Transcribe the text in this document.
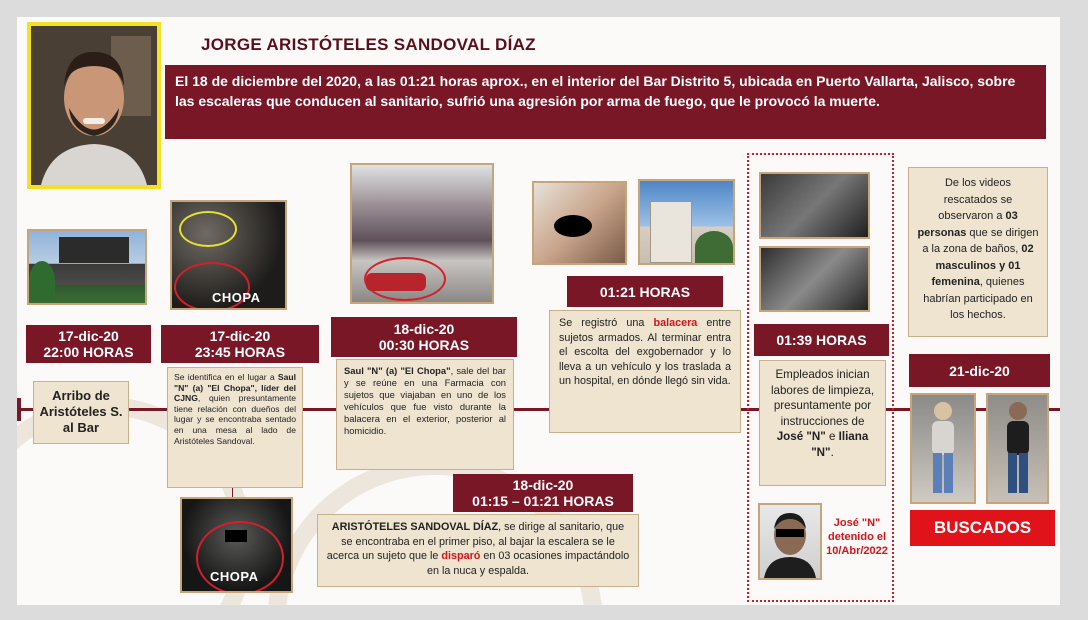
JORGE ARISTÓTELES SANDOVAL DÍAZ
El 18 de diciembre del 2020, a las 01:21 horas aprox., en el interior del Bar Distrito 5, ubicada en Puerto Vallarta, Jalisco, sobre las escaleras que conducen al sanitario, sufrió una agresión por arma de fuego, que le provocó la muerte.
17-dic-20
22:00 HORAS
Arribo de Aristóteles S. al Bar
CHOPA
17-dic-20
23:45 HORAS
Se identifica en el lugar a Saul "N" (a) "El Chopa", líder del CJNG, quien presuntamente tiene relación con dueños del lugar y se encontraba sentado en una mesa al lado de Aristóteles Sandoval.
CHOPA
18-dic-20
00:30 HORAS
Saul "N" (a) "El Chopa", sale del bar y se reúne en una Farmacia con sujetos que viajaban en uno de los vehículos que fue visto durante la balacera en el exterior, posterior al homicidio.
18-dic-20
01:15 – 01:21 HORAS
ARISTÓTELES SANDOVAL DÍAZ, se dirige al sanitario, que se encontraba en el primer piso, al bajar la escalera se le acerca un sujeto que le disparó en 03 ocasiones impactándolo en la nuca y espalda.
01:21 HORAS
Se registró una balacera entre sujetos armados. Al terminar entra el escolta del exgobernador y lo lleva a un vehículo y los traslada a un hospital, en dónde llegó sin vida.
01:39 HORAS
Empleados inician labores de limpieza, presuntamente por instrucciones de José "N" e Iliana "N".
José "N" detenido el 10/Abr/2022
De los videos rescatados se observaron a 03 personas que se dirigen a la zona de baños, 02 masculinos y 01 femenina, quienes habrían participado en los hechos.
21-dic-20
BUSCADOS
